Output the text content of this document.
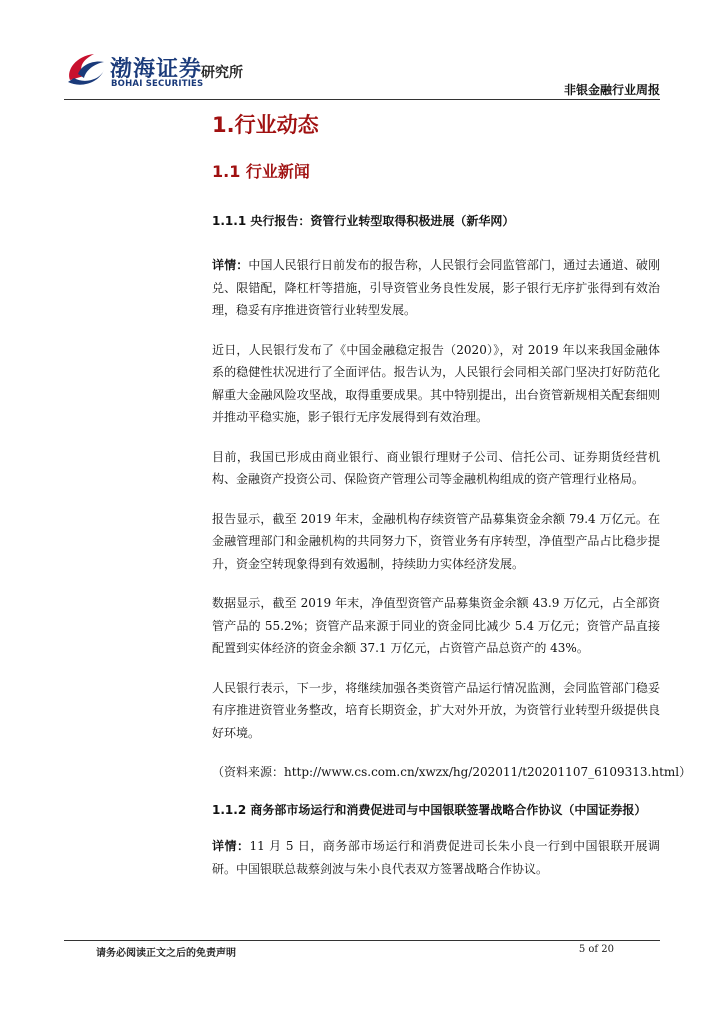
渤海证券
BOHAI SECURITIES
研究所
非银金融行业周报
1.行业动态
1.1 行业新闻
1.1.1 央行报告：资管行业转型取得积极进展（新华网）

详情：中国人民银行日前发布的报告称，人民银行会同监管部门，通过去通道、破刚兑、限错配，降杠杆等措施，引导资管业务良性发展，影子银行无序扩张得到有效治理，稳妥有序推进资管行业转型发展。

近日，人民银行发布了《中国金融稳定报告（2020）》，对 2019 年以来我国金融体系的稳健性状况进行了全面评估。报告认为，人民银行会同相关部门坚决打好防范化解重大金融风险攻坚战，取得重要成果。其中特别提出，出台资管新规相关配套细则并推动平稳实施，影子银行无序发展得到有效治理。

目前，我国已形成由商业银行、商业银行理财子公司、信托公司、证券期货经营机构、金融资产投资公司、保险资产管理公司等金融机构组成的资产管理行业格局。

报告显示，截至 2019 年末，金融机构存续资管产品募集资金余额 79.4 万亿元。在金融管理部门和金融机构的共同努力下，资管业务有序转型，净值型产品占比稳步提升，资金空转现象得到有效遏制，持续助力实体经济发展。

数据显示，截至 2019 年末，净值型资管产品募集资金余额 43.9 万亿元，占全部资管产品的 55.2%；资管产品来源于同业的资金同比减少 5.4 万亿元；资管产品直接配置到实体经济的资金余额 37.1 万亿元，占资管产品总资产的 43%。

人民银行表示，下一步，将继续加强各类资管产品运行情况监测，会同监管部门稳妥有序推进资管业务整改，培育长期资金，扩大对外开放，为资管行业转型升级提供良好环境。

（资料来源：http://www.cs.com.cn/xwzx/hg/202011/t20201107_6109313.html）
1.1.2 商务部市场运行和消费促进司与中国银联签署战略合作协议（中国证券报）

详情：11 月 5 日，商务部市场运行和消费促进司长朱小良一行到中国银联开展调研。中国银联总裁蔡剑波与朱小良代表双方签署战略合作协议。

请务必阅读正文之后的免责声明	5 of 20
